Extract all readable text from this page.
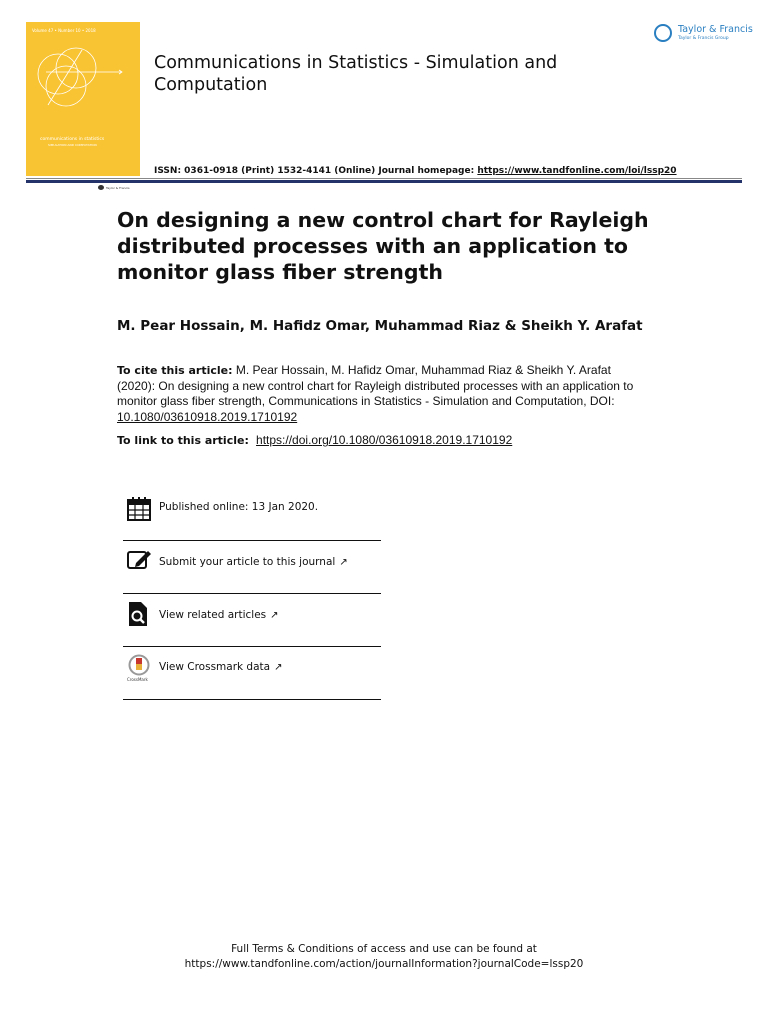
Volume 47 • Number 10 • 2018
communications in statistics
SIMULATION AND COMPUTATION
Taylor & Francis
Communications in Statistics - Simulation and Computation
Taylor & Francis
Taylor & Francis Group
ISSN: 0361-0918 (Print) 1532-4141 (Online) Journal homepage: https://www.tandfonline.com/loi/lssp20
On designing a new control chart for Rayleigh distributed processes with an application to monitor glass fiber strength
M. Pear Hossain, M. Hafidz Omar, Muhammad Riaz & Sheikh Y. Arafat
To cite this article: M. Pear Hossain, M. Hafidz Omar, Muhammad Riaz & Sheikh Y. Arafat (2020): On designing a new control chart for Rayleigh distributed processes with an application to monitor glass fiber strength, Communications in Statistics - Simulation and Computation, DOI: 10.1080/03610918.2019.1710192
To link to this article:  https://doi.org/10.1080/03610918.2019.1710192
Published online: 13 Jan 2020.
Submit your article to this journal ↗
View related articles ↗
CrossMark
View Crossmark data ↗
Full Terms & Conditions of access and use can be found at
https://www.tandfonline.com/action/journalInformation?journalCode=lssp20
